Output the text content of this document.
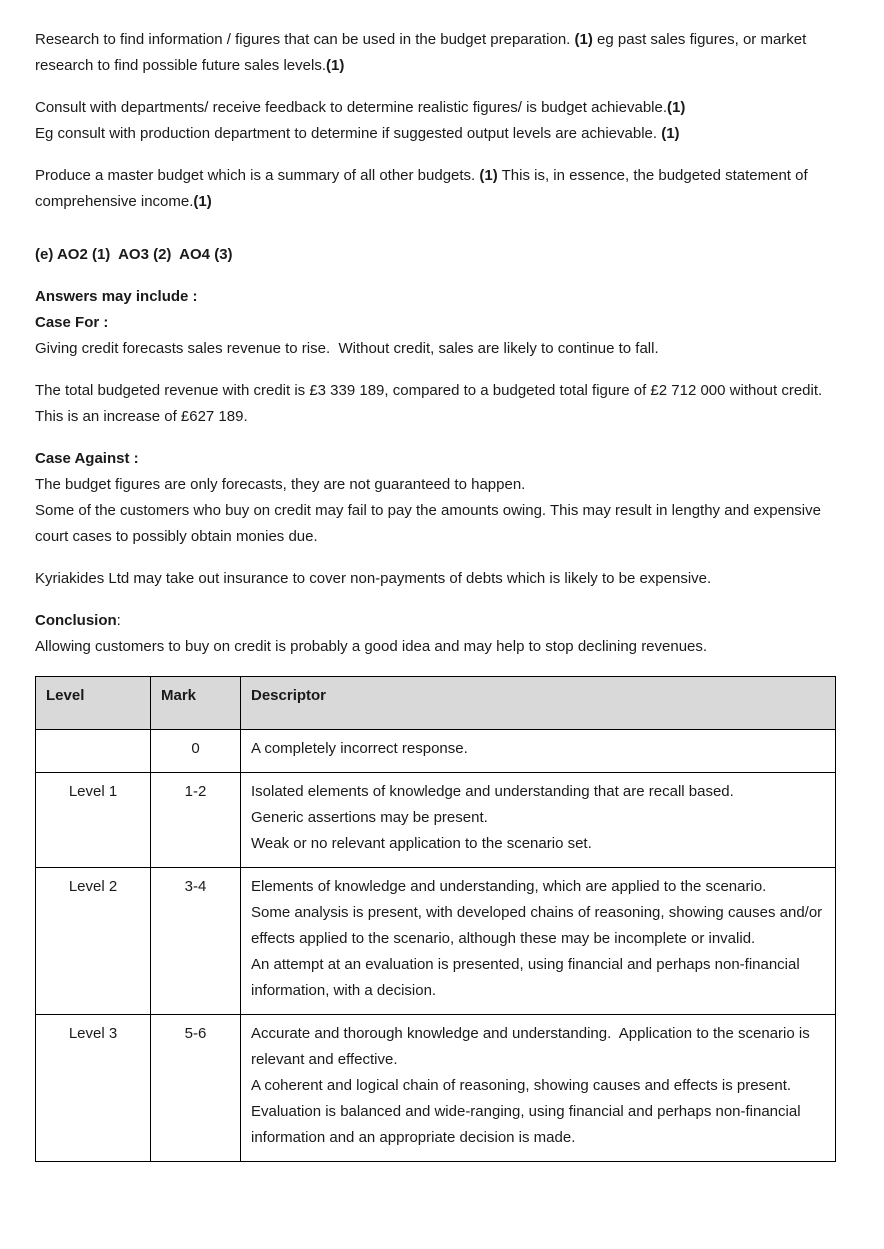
Research to find information / figures that can be used in the budget preparation. (1) eg past sales figures, or market research to find possible future sales levels.(1)

Consult with departments/ receive feedback to determine realistic figures/ is budget achievable.(1)

Eg consult with production department to determine if suggested output levels are achievable. (1)

Produce a master budget which is a summary of all other budgets. (1) This is, in essence, the budgeted statement of comprehensive income.(1)

(e) AO2 (1)  AO3 (2)  AO4 (3)

Answers may include :

Case For :

Giving credit forecasts sales revenue to rise.  Without credit, sales are likely to continue to fall.

The total budgeted revenue with credit is £3 339 189, compared to a budgeted total figure of £2 712 000 without credit. This is an increase of £627 189.

Case Against :

The budget figures are only forecasts, they are not guaranteed to happen.

Some of the customers who buy on credit may fail to pay the amounts owing. This may result in lengthy and expensive court cases to possibly obtain monies due.

Kyriakides Ltd may take out insurance to cover non-payments of debts which is likely to be expensive.

Conclusion:

Allowing customers to buy on credit is probably a good idea and may help to stop declining revenues.

Level	Mark	Descriptor
	0	A completely incorrect response.

Level 1	1-2	Isolated elements of knowledge and understanding that are recall based.
Generic assertions may be present.
Weak or no relevant application to the scenario set.

Level 2	3-4	Elements of knowledge and understanding, which are applied to the scenario.
Some analysis is present, with developed chains of reasoning, showing causes and/or effects applied to the scenario, although these may be incomplete or invalid.
An attempt at an evaluation is presented, using financial and perhaps non-financial information, with a decision.

Level 3	5-6	Accurate and thorough knowledge and understanding.  Application to the scenario is relevant and effective.
A coherent and logical chain of reasoning, showing causes and effects is present.
Evaluation is balanced and wide-ranging, using financial and perhaps non-financial information and an appropriate decision is made.
